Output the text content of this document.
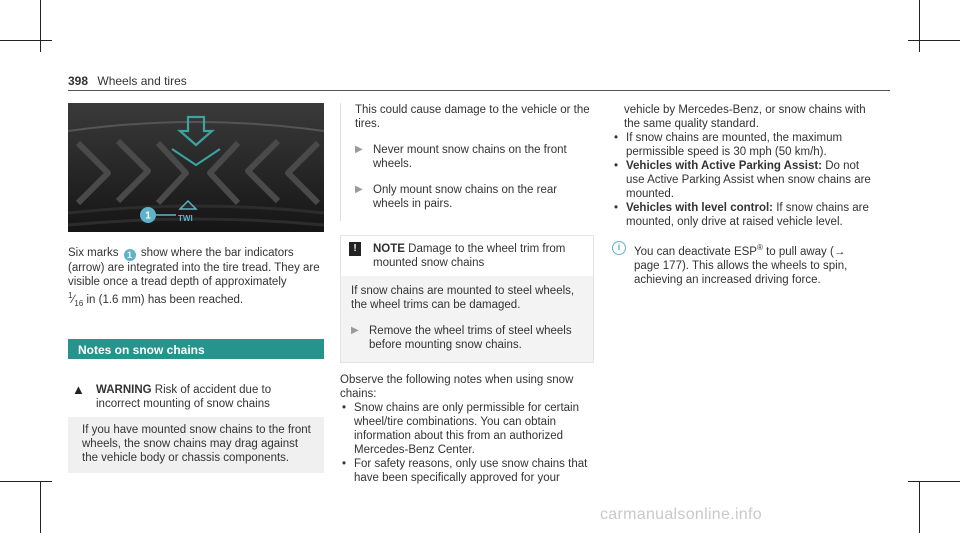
398 Wheels and tires
TWI
1
Six marks 1 show where the bar indicators (arrow) are integrated into the tire tread. They are visible once a tread depth of approximately
$^1⁄_{16}$ in (1.6 mm) has been reached.
Notes on snow chains
▲ WARNING Risk of accident due to incorrect mounting of snow chains
If you have mounted snow chains to the front wheels, the snow chains may drag against the vehicle body or chassis components.
This could cause damage to the vehicle or the tires.
▶ Never mount snow chains on the front wheels.
▶ Only mount snow chains on the rear wheels in pairs.
!	NOTE Damage to the wheel trim from mounted snow chains
If snow chains are mounted to steel wheels, the wheel trims can be damaged.
▶ Remove the wheel trims of steel wheels before mounting snow chains.
Observe the following notes when using snow chains:
• Snow chains are only permissible for certain wheel/tire combinations. You can obtain information about this from an authorized Mercedes-Benz Center.
• For safety reasons, only use snow chains that have been specifically approved for your
vehicle by Mercedes-Benz, or snow chains with the same quality standard.
• If snow chains are mounted, the maximum permissible speed is 30 mph (50 km/h).
• Vehicles with Active Parking Assist: Do not use Active Parking Assist when snow chains are mounted.
• Vehicles with level control: If snow chains are mounted, only drive at raised vehicle level.
i	You can deactivate ESP® to pull away (→ page 177). This allows the wheels to spin, achieving an increased driving force.
carmanualsonline.info
